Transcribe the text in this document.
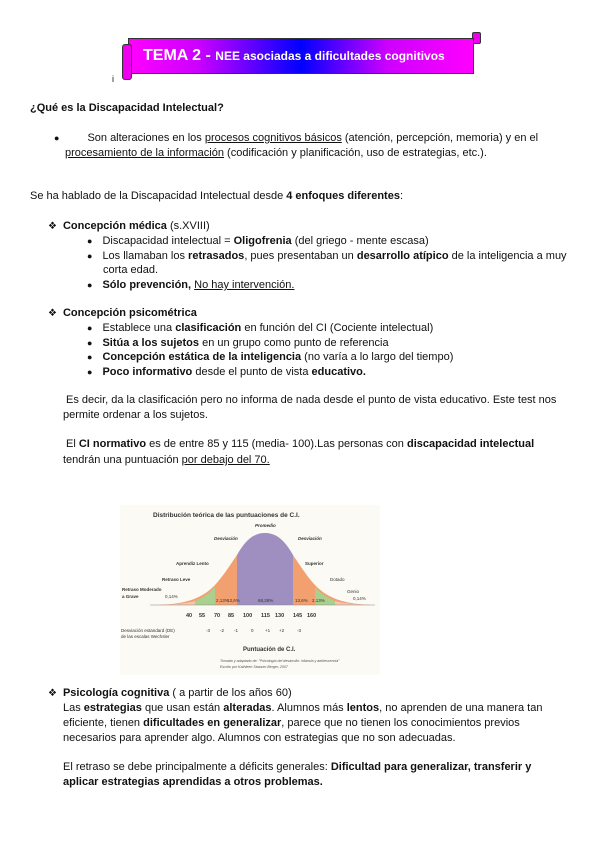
TEMA 2 - NEE asociadas a dificultades cognitivos
i
¿Qué es la Discapacidad Intelectual?
●	Son alteraciones en los procesos cognitivos básicos (atención, percepción, memoria) y en el
procesamiento de la información (codificación y planificación, uso de estrategias, etc.).
Se ha hablado de la Discapacidad Intelectual desde 4 enfoques diferentes:
❖ Concepción médica (s.XVIII)
● Discapacidad intelectual = Oligofrenia (del griego - mente escasa)
● Los llamaban los retrasados, pues presentaban un desarrollo atípico de la inteligencia a muy
corta edad.
● Sólo prevención, No hay intervención.
❖ Concepción psicométrica
● Establece una clasificación en función del CI (Cociente intelectual)
● Sitúa a los sujetos en un grupo como punto de referencia
● Concepción estática de la inteligencia (no varía a lo largo del tiempo)
● Poco informativo desde el punto de vista educativo.
Es decir, da la clasificación pero no informa de nada desde el punto de vista educativo. Este test nos
permite ordenar a los sujetos.
El CI normativo es de entre 85 y 115 (media- 100).Las personas con discapacidad intelectual
tendrán una puntuación por debajo del 70.
Distribución teórica de las puntuaciones de C.I.
2,13%
13,6%	68,26%	13,6% 2,13%
Promedio
Desviación	Desviación
Aprendiz Lento
Retraso Leve
Retraso Moderado
a Grave	0,14%
Superior
Dotado
Genio
0,14%
40 55 70 85 100 115 130 145 160
-3 -2 -1	0	+1 +2	-3
Desviación estandard (DE)
de las escalas Wechsler
Puntuación de C.I.
Tomado y adaptado de: "Psicología del desarrollo: infancia y adolescencia"
Escrito por Kathleen Stassen Berger, 2007
❖ Psicología cognitiva ( a partir de los años 60)
Las estrategias que usan están alteradas. Alumnos más lentos, no aprenden de una manera tan
eficiente, tienen dificultades en generalizar, parece que no tienen los conocimientos previos
necesarios para aprender algo. Alumnos con estrategias que no son adecuadas.
El retraso se debe principalmente a déficits generales: Dificultad para generalizar, transferir y
aplicar estrategias aprendidas a otros problemas.
